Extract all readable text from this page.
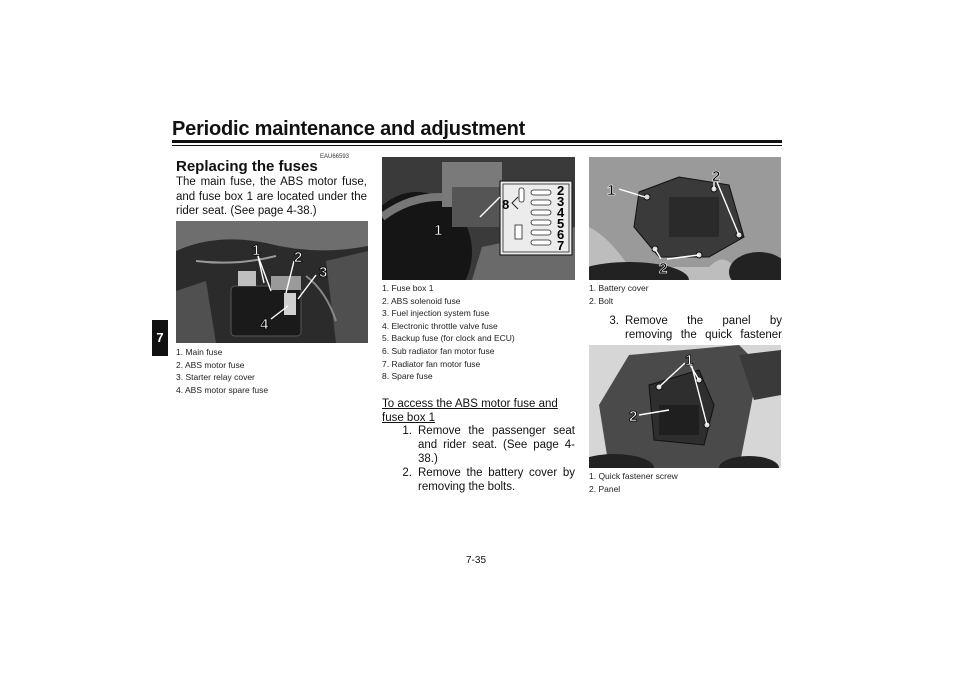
Periodic maintenance and adjustment
7
EAU66593
Replacing the fuses
The main fuse, the ABS motor fuse, and fuse box 1 are located under the rider seat. (See page 4-38.)
1 2
3
4
1. Main fuse
2. ABS motor fuse
3. Starter relay cover
4. ABS motor spare fuse
2
3
4
5
6
7
8
1
1. Fuse box 1
2. ABS solenoid fuse
3. Fuel injection system fuse
4. Electronic throttle valve fuse
5. Backup fuse (for clock and ECU)
6. Sub radiator fan motor fuse
7. Radiator fan motor fuse
8. Spare fuse
To access the ABS motor fuse and fuse box 1
1. Remove the passenger seat and rider seat. (See page 4-38.)
2. Remove the battery cover by removing the bolts.
1
2
2
1. Battery cover
2. Bolt
3. Remove the panel by removing the quick fastener
1
2
1. Quick fastener screw
2. Panel
7-35
